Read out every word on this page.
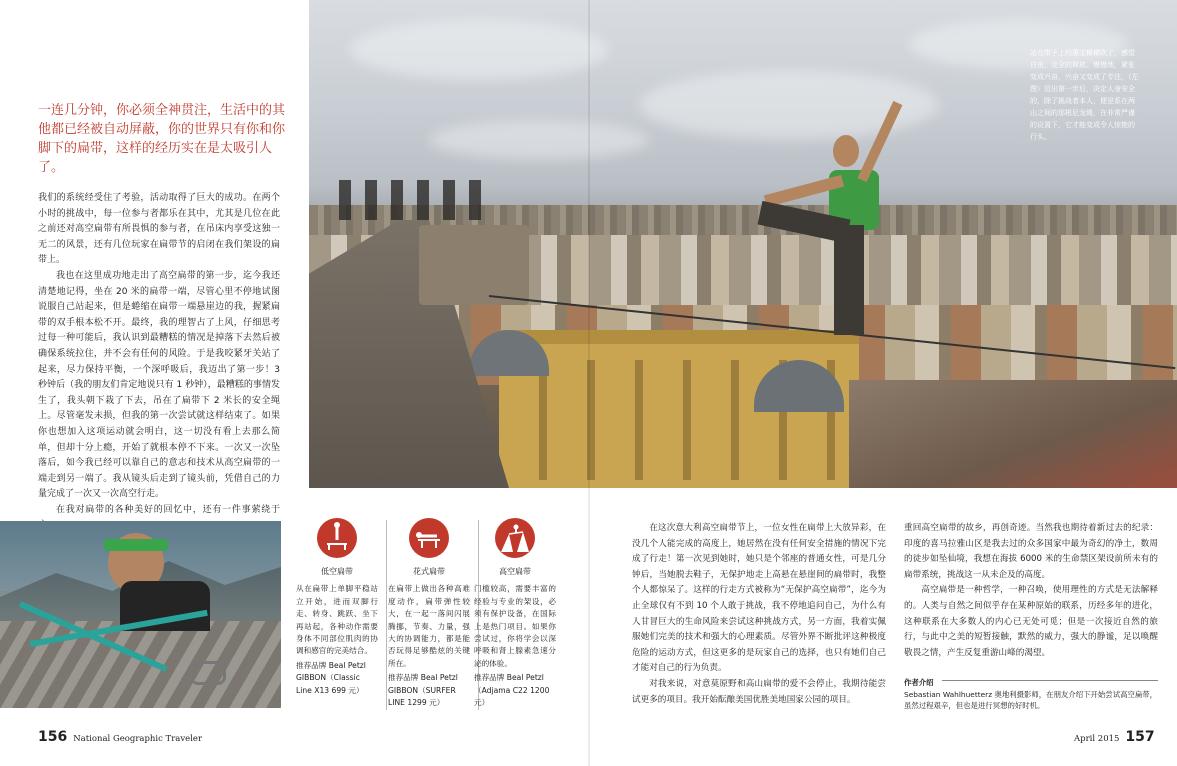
站在带子上的惠宝稀稀吹了，感觉自由，完全的释放。慢慢地，紧张变成兴奋，兴奋又变成了专注，（左图）迈出第一步后，决定人身安全的，除了挑战者本人，便是系在两山之间的那根尼龙绳，在非常严谨的设置下，它才能变成令人惊艳的行头。
一连几分钟，你必须全神贯注，生活中的其他都已经被自动屏蔽，你的世界只有你和你脚下的扁带，这样的经历实在是太吸引人了。

我们的系统经受住了考验，活动取得了巨大的成功。在两个小时的挑战中，每一位参与者都乐在其中，尤其是几位在此之前还对高空扁带有所畏惧的参与者，在吊床内享受这独一无二的风景，还有几位玩家在扁带节的启闭在我们架设的扁带上。

我也在这里成功地走出了高空扁带的第一步，迄今我还清楚地记得，坐在 20 米的扁带一端，尽管心里不停地试图说服自己站起来，但是蜷缩在扁带一端悬崖边的我，握紧扁带的双手根本松不开。最终，我的理智占了上风，仔细思考过每一种可能后，我认识到最糟糕的情况是掉落下去然后被确保系统拉住，并不会有任何的风险。于是我咬紧牙关站了起来，尽力保持平衡，一个深呼吸后，我迈出了第一步！3 秒钟后（我的朋友们肯定地说只有 1 秒钟），最糟糕的事情发生了，我头朝下栽了下去，吊在了扁带下 2 米长的安全绳上。尽管毫发未损，但我的第一次尝试就这样结束了。如果你也想加入这项运动就会明白，这一切没有看上去那么简单，但却十分上瘾，开始了就根本停不下来。一次又一次坠落后，如今我已经可以靠自己的意志和技术从高空扁带的一端走到另一端了。我从镜头后走到了镜头前，凭借自己的力量完成了一次又一次高空行走。

在我对扁带的各种美好的回忆中，还有一件事萦绕于

低空扁带
从在扁带上单脚平稳站立开始，进而双脚行走、转身、跳跃、坐下再站起，各种动作需要身体不同部位肌肉的协调和感官的完美结合。
推荐品牌 Beal Petzl GIBBON（Classic Line X13 699 元）
花式扁带
在扁带上做出各种高难度动作，扁带弹性较大，在一起一落间闪展腾挪，节奏、力量，强大的协调能力，都是能否玩得足够酷炫的关键所在。
推荐品牌 Beal Petzl GIBBON（SURFER LINE 1299 元）
高空扁带
门槛较高，需要丰富的经验与专业的架设，必须有保护设备，在国际上是热门项目。如果你尝试过，你将学会以深呼吸和肾上腺素急速分泌的体验。
推荐品牌 Beal Petzl（Adjama C22 1200 元）

在这次意大利高空扁带节上，一位女性在扁带上大放异彩，在没几个人能完成的高度上，她居然在没有任何安全措施的情况下完成了行走！第一次见到她时，她只是个邻座的普通女性，可是几分钟后，当她脱去鞋子，无保护地走上高悬在悬崖间的扁带时，我整个人都惊呆了。这样的行走方式被称为“无保护高空扁带”，迄今为止全球仅有不到 10 个人敢于挑战，我不停地追问自己，为什么有人甘冒巨大的生命风险来尝试这种挑战方式，另一方面，我着实佩服她们完美的技术和强大的心理素质。尽管外界不断批评这种极度危险的运动方式，但这更多的是玩家自己的选择，也只有她们自己才能对自己的行为负责。

对我来说，对意莫原野和高山扁带的爱不会停止，我期待能尝试更多的项目。我开始酝酿美国优胜美地国家公园的项目。

重回高空扁带的故乡，再创奇迹。当然我也期待着新过去的纪录：印度的喜马拉雅山区是我去过的众多国家中最为奇幻的净土，数周的徒步如坠仙境，我想在海拔 6000 米的生命禁区架设前所未有的扁带系统，挑战这一从未企及的高度。

高空扁带是一种哲学，一种召唤，使用理性的方式是无法解释的。人类与自然之间似乎存在某种原始的联系，历经多年的进化，这种联系在大多数人的内心已无处可觅；但是一次接近自然的旅行，与此中之美的短暂接触，默然的威力，强大的静谧，足以唤醒敬畏之情，产生反复重游山峰的渴望。

作者介绍
Sebastian Wahlhuetterz 奥地利摄影师，在朋友介绍下开始尝试高空扁带，虽然过程艰辛，但也是进行冥想的好时机。
156 National Geographic Traveler	April 2015 157
